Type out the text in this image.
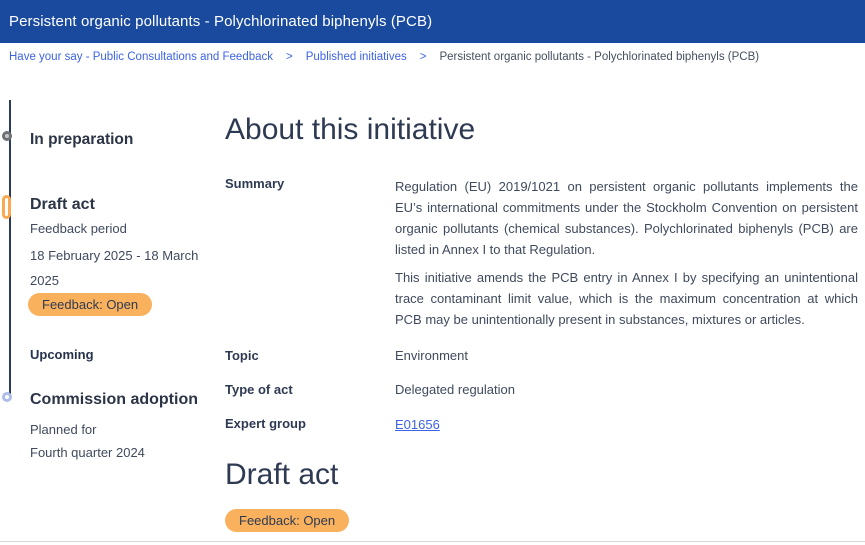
Persistent organic pollutants - Polychlorinated biphenyls (PCB)
Have your say - Public Consultations and Feedback > Published initiatives > Persistent organic pollutants - Polychlorinated biphenyls (PCB)
In preparation
Draft act
Feedback period
18 February 2025 - 18 March 2025
Feedback: Open
Upcoming
Commission adoption
Planned for
Fourth quarter 2024
About this initiative
Summary	Regulation (EU) 2019/1021 on persistent organic pollutants implements the EU’s international commitments under the Stockholm Convention on persistent organic pollutants (chemical substances). Polychlorinated biphenyls (PCB) are listed in Annex I to that Regulation.

This initiative amends the PCB entry in Annex I by specifying an unintentional trace contaminant limit value, which is the maximum concentration at which PCB may be unintentionally present in substances, mixtures or articles.

Topic	Environment
Type of act	Delegated regulation
Expert group	E01656
Draft act
Feedback: Open
